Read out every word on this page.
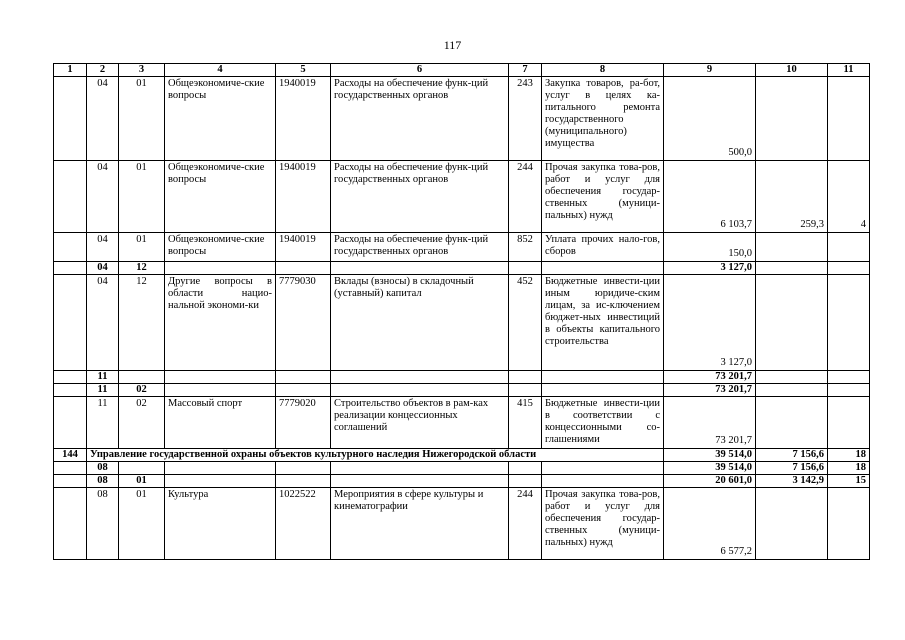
117
1	2	3	4	5	6	7	8	9	10	11
	04	01	Общеэкономиче-ские вопросы	1940019	Расходы на обеспечение функ-ций государственных органов	243	Закупка товаров, ра-бот, услуг в целях ка-питального ремонта государственного (муниципального) имущества	500,0		
	04	01	Общеэкономиче-ские вопросы	1940019	Расходы на обеспечение функ-ций государственных органов	244	Прочая закупка това-ров, работ и услуг для обеспечения государ-ственных (муници-пальных) нужд	6 103,7	259,3	4
	04	01	Общеэкономиче-ские вопросы	1940019	Расходы на обеспечение функ-ций государственных органов	852	Уплата прочих нало-гов, сборов	150,0		
	04	12						3 127,0		
	04	12	Другие вопросы в области нацио-нальной экономи-ки	7779030	Вклады (взносы) в складочный (уставный) капитал	452	Бюджетные инвести-ции иным юридиче-ским лицам, за ис-ключением бюджет-ных инвестиций в объекты капитального строительства	3 127,0		
	11							73 201,7		
	11	02						73 201,7		
	11	02	Массовый спорт	7779020	Строительство объектов в рам-ках реализации концессионных соглашений	415	Бюджетные инвести-ции в соответствии с концессионными со-глашениями	73 201,7		
144	Управление государственной охраны объектов культурного наследия Нижегородской области							39 514,0	7 156,6	18
	08							39 514,0	7 156,6	18
	08	01						20 601,0	3 142,9	15
	08	01	Культура	1022522	Мероприятия в сфере культуры и кинематографии	244	Прочая закупка това-ров, работ и услуг для обеспечения государ-ственных (муници-пальных) нужд	6 577,2		
